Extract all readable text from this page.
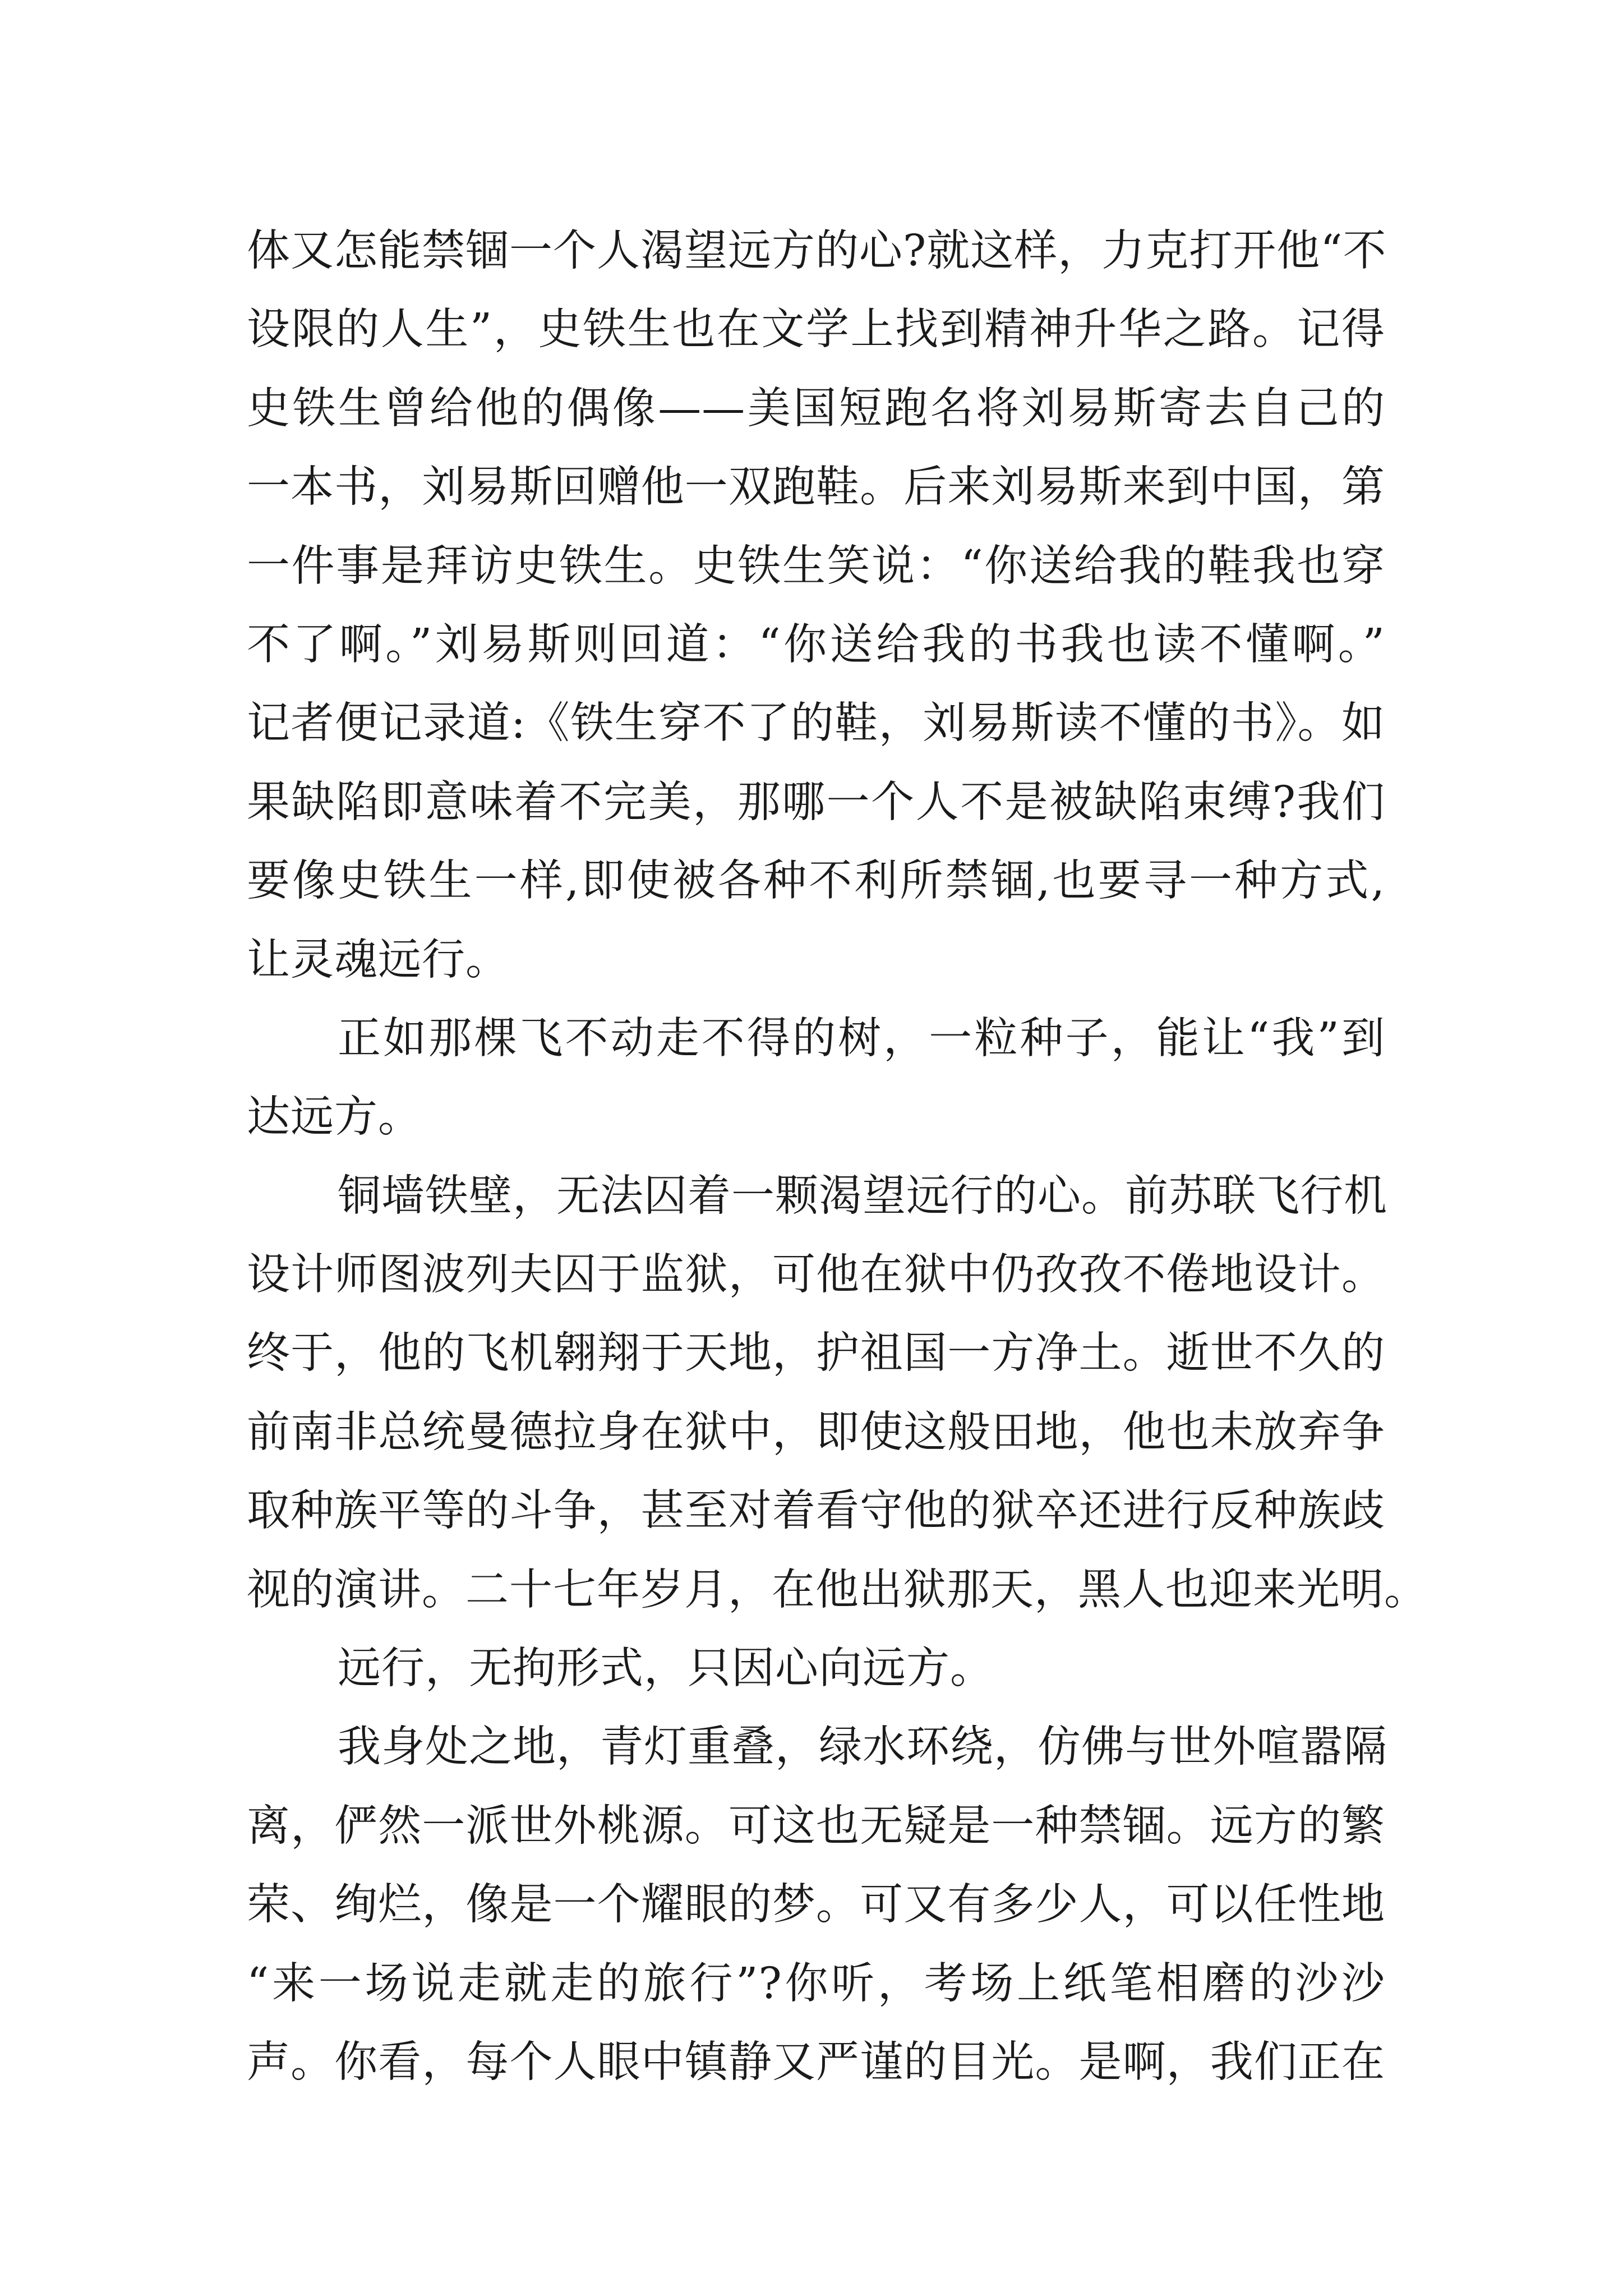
体又怎能禁锢一个人渴望远方的心?就这样，力克打开他“不
设限的人生”，史铁生也在文学上找到精神升华之路。记得
史铁生曾给他的偶像——美国短跑名将刘易斯寄去自己的
一本书，刘易斯回赠他一双跑鞋。后来刘易斯来到中国，第
一件事是拜访史铁生。史铁生笑说：“你送给我的鞋我也穿
不了啊。”刘易斯则回道：“你送给我的书我也读不懂啊。”
记者便记录道:《铁生穿不了的鞋，刘易斯读不懂的书》。如
果缺陷即意味着不完美，那哪一个人不是被缺陷束缚?我们
要像史铁生一样,即使被各种不利所禁锢,也要寻一种方式,
让灵魂远行。
正如那棵飞不动走不得的树，一粒种子，能让“我”到
达远方。
铜墙铁壁，无法囚着一颗渴望远行的心。前苏联飞行机
设计师图波列夫囚于监狱，可他在狱中仍孜孜不倦地设计。
终于，他的飞机翱翔于天地，护祖国一方净土。逝世不久的
前南非总统曼德拉身在狱中，即使这般田地，他也未放弃争
取种族平等的斗争，甚至对着看守他的狱卒还进行反种族歧
视的演讲。二十七年岁月，在他出狱那天，黑人也迎来光明。
远行，无拘形式，只因心向远方。
我身处之地，青灯重叠，绿水环绕，仿佛与世外喧嚣隔
离，俨然一派世外桃源。可这也无疑是一种禁锢。远方的繁
荣、绚烂，像是一个耀眼的梦。可又有多少人，可以任性地
“来一场说走就走的旅行”?你听，考场上纸笔相磨的沙沙
声。你看，每个人眼中镇静又严谨的目光。是啊，我们正在
